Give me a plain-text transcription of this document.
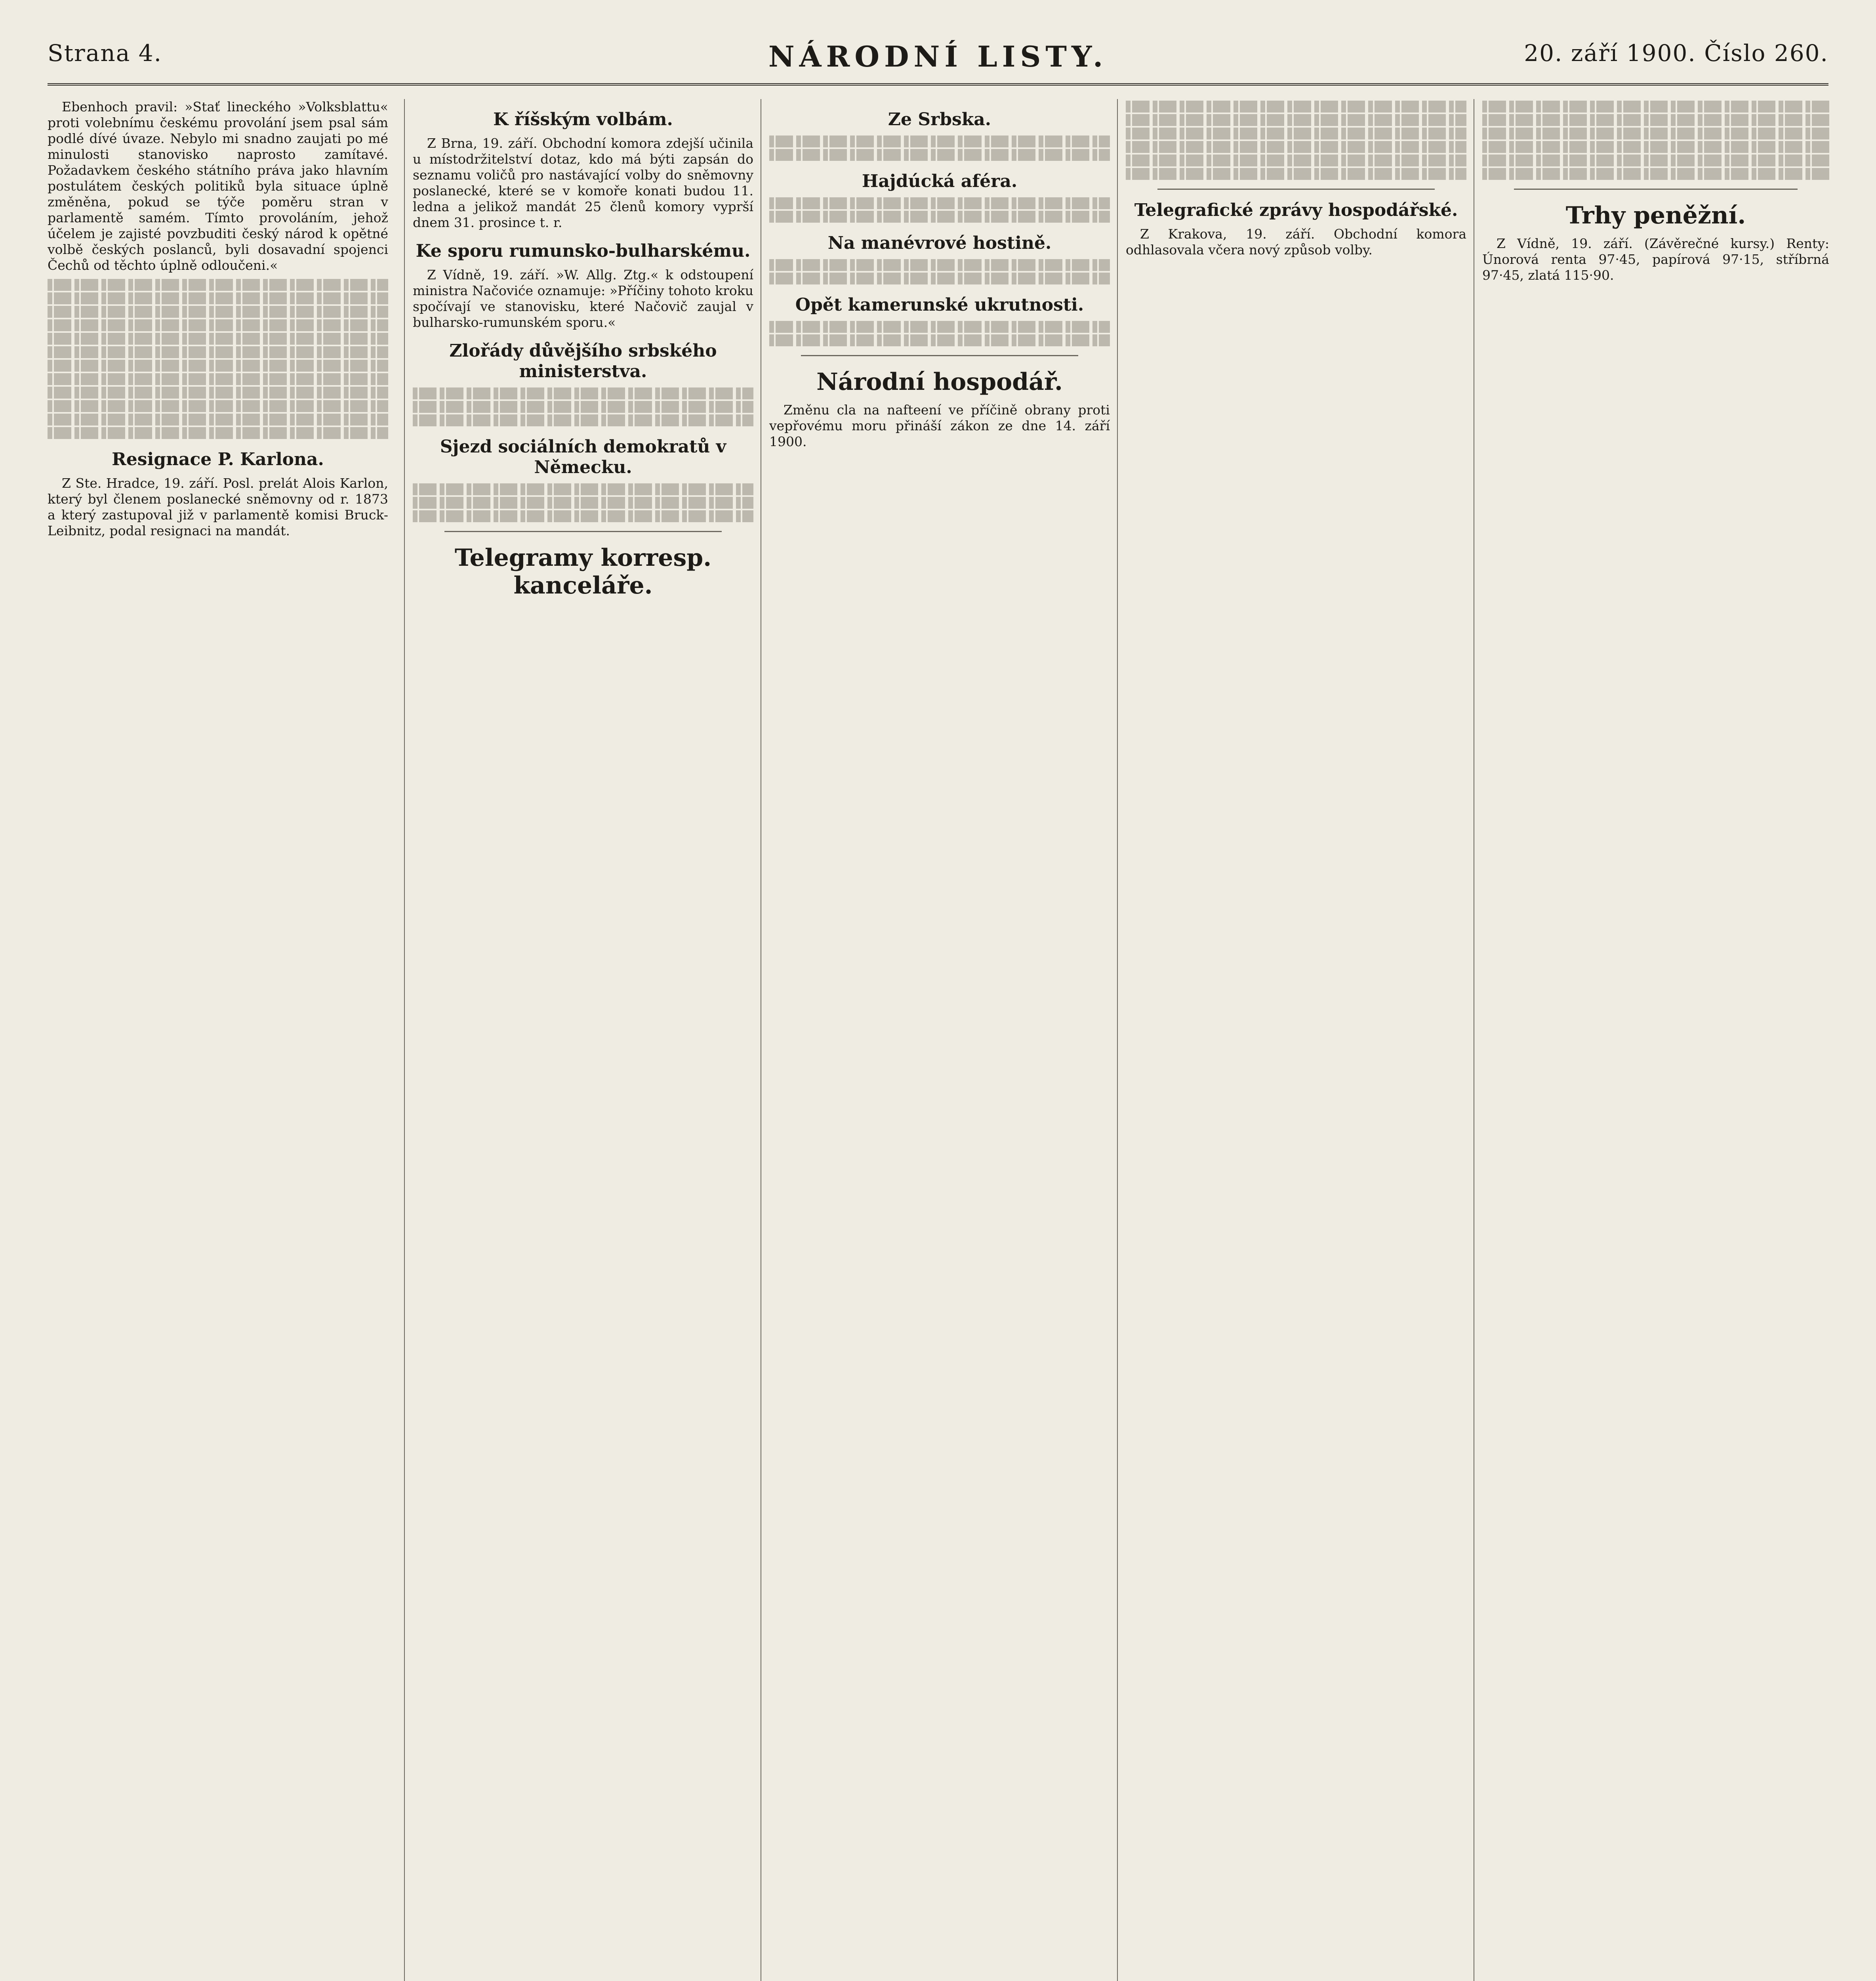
Strana 4.	NÁRODNÍ LISTY.	20. září 1900. Číslo 260.

Ebenhoch pravil: »Stať lineckého »Volksblattu« proti volebnímu českému provolání jsem psal sám podlé dívé úvaze. Nebylo mi snadno zaujati po mé minulosti stanovisko naprosto zamítavé. Požadavkem českého státního práva jako hlavním postulátem českých politiků byla situace úplně změněna, pokud se týče poměru stran v parlamentě samém. Tímto provoláním, jehož účelem je zajisté povzbuditi český národ k opětné volbě českých poslanců, byli dosavadní spojenci Čechů od těchto úplně odloučeni.«

Resignace P. Karlona.

Z Ste. Hradce, 19. září. Posl. prelát Alois Karlon, který byl členem poslanecké sněmovny od r. 1873 a který zastupoval již v parlamentě komisi Bruck-Leibnitz, podal resignaci na mandát.

K říšským volbám.

Z Brna, 19. září. Obchodní komora zdejší učinila u místodržitelství dotaz, kdo má býti zapsán do seznamu voličů pro nastávající volby do sněmovny poslanecké, které se v komoře konati budou 11. ledna a jelikož mandát 25 členů komory vyprší dnem 31. prosince t. r.

Ke sporu rumunsko-bulharskému.

Z Vídně, 19. září. »W. Allg. Ztg.« k odstoupení ministra Načoviće oznamuje: »Příčiny tohoto kroku spočívají ve stanovisku, které Načovič zaujal v bulharsko-rumunském sporu.«

Zlořády důvějšího srbského ministerstva.
Sjezd sociálních demokratů v Německu.
Telegramy korresp. kanceláře.
Ze Srbska.
Hajdúcká aféra.
Na manévrové hostině.
Opět kamerunské ukrutnosti.
Národní hospodář.

Změnu cla na nafteení ve příčině obrany proti vepřovému moru přináší zákon ze dne 14. září 1900.

Telegrafické zprávy hospodářské.

Z Krakova, 19. září. Obchodní komora odhlasovala včera nový způsob volby.

Trhy peněžní.

Z Vídně, 19. září. (Závěrečné kursy.) Renty: Únorová renta 97·45, papírová 97·15, stříbrná 97·45, zlatá 115·90.
